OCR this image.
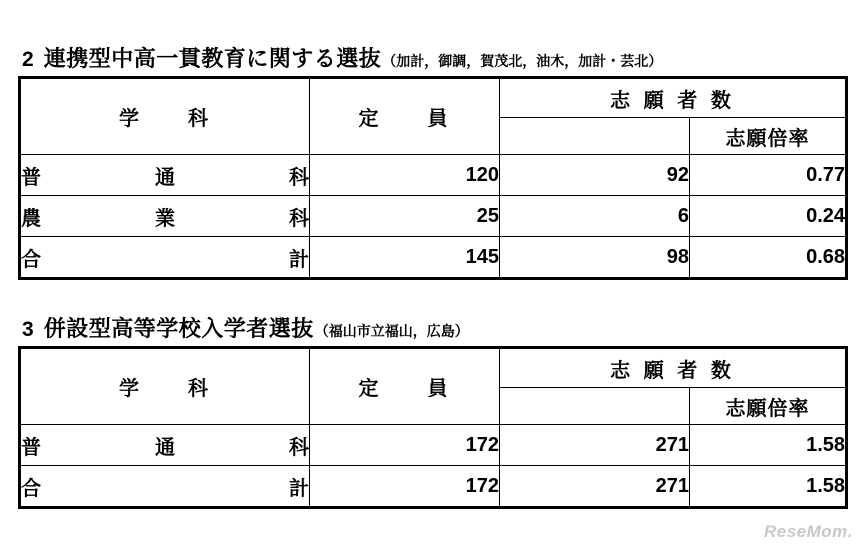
2 連携型中高一貫教育に関する選抜 （加計，御調，賀茂北，油木，加計・芸北）
学　　科	定　　員	志 願 者 数	
			志願倍率

普 通 科	120	92	0.77

農 業 科	25	6	0.24

合 計	145	98	0.68
3 併設型高等学校入学者選抜 （福山市立福山，広島）
学　　科	定　　員	志 願 者 数	
			志願倍率

普 通 科	172	271	1.58

合 計	172	271	1.58
ReseMom.
